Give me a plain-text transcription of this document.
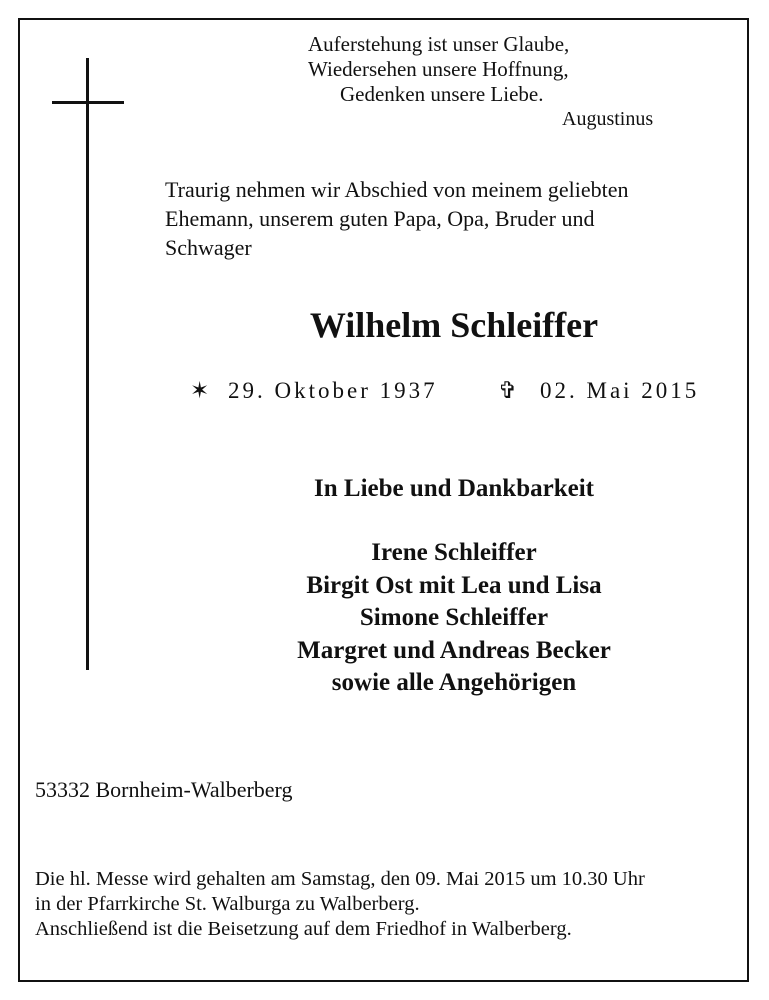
Auferstehung ist unser Glaube,
Wiedersehen unsere Hoffnung,
Gedenken unsere Liebe.
Augustinus
Traurig nehmen wir Abschied von meinem geliebten
Ehemann, unserem guten Papa, Opa, Bruder und
Schwager
Wilhelm Schleiffer
✶ 29. Oktober 1937	✞ 02. Mai 2015
In Liebe und Dankbarkeit
Irene Schleiffer
Birgit Ost mit Lea und Lisa
Simone Schleiffer
Margret und Andreas Becker
sowie alle Angehörigen
53332 Bornheim-Walberberg
Die hl. Messe wird gehalten am Samstag, den 09. Mai 2015 um 10.30 Uhr
in der Pfarrkirche St. Walburga zu Walberberg.
Anschließend ist die Beisetzung auf dem Friedhof in Walberberg.
